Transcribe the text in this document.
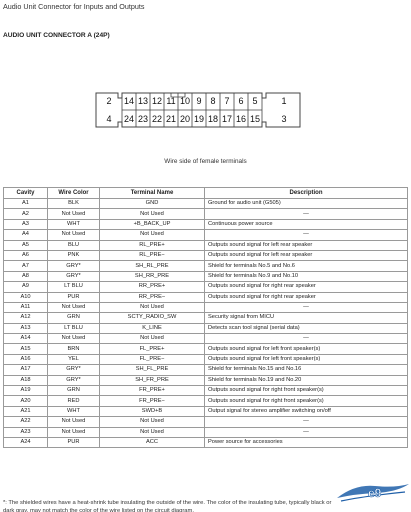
Audio Unit Connector for Inputs and Outputs
AUDIO UNIT CONNECTOR A (24P)
2	14 13 12 11 10 9 8 7 6 5	1
4	24 23 22 21 20 19 18 17 16 15	3
Wire side of female terminals
Cavity	Wire Color	Terminal Name	Description
A1	BLK	GND	Ground for audio unit (G505)
A2	Not Used	Not Used	—
A3	WHT	+B_BACK_UP	Continuous power source
A4	Not Used	Not Used	—
A5	BLU	RL_PRE+	Outputs sound signal for left rear speaker
A6	PNK	RL_PRE−	Outputs sound signal for left rear speaker
A7	GRY*	SH_RL_PRE	Shield for terminals No.5 and No.6
A8	GRY*	SH_RR_PRE	Shield for terminals No.9 and No.10
A9	LT BLU	RR_PRE+	Outputs sound signal for right rear speaker
A10	PUR	RR_PRE−	Outputs sound signal for right rear speaker
A11	Not Used	Not Used	—
A12	GRN	SCTY_RADIO_SW	Security signal from MICU
A13	LT BLU	K_LINE	Detects scan tool signal (serial data)
A14	Not Used	Not Used	—
A15	BRN	FL_PRE+	Outputs sound signal for left front speaker(s)
A16	YEL	FL_PRE−	Outputs sound signal for left front speaker(s)
A17	GRY*	SH_FL_PRE	Shield for terminals No.15 and No.16
A18	GRY*	SH_FR_PRE	Shield for terminals No.19 and No.20
A19	GRN	FR_PRE+	Outputs sound signal for right front speaker(s)
A20	RED	FR_PRE−	Outputs sound signal for right front speaker(s)
A21	WHT	SWD+B	Output signal for stereo amplifier switching on/off
A22	Not Used	Not Used	—
A23	Not Used	Not Used	—
A24	PUR	ACC	Power source for accessories
*: The shielded wires have a heat-shrink tube insulating the outside of the wire. The color of the insulating tube, typically black or
dark gray, may not match the color of the wire listed on the circuit diagram.
e9
